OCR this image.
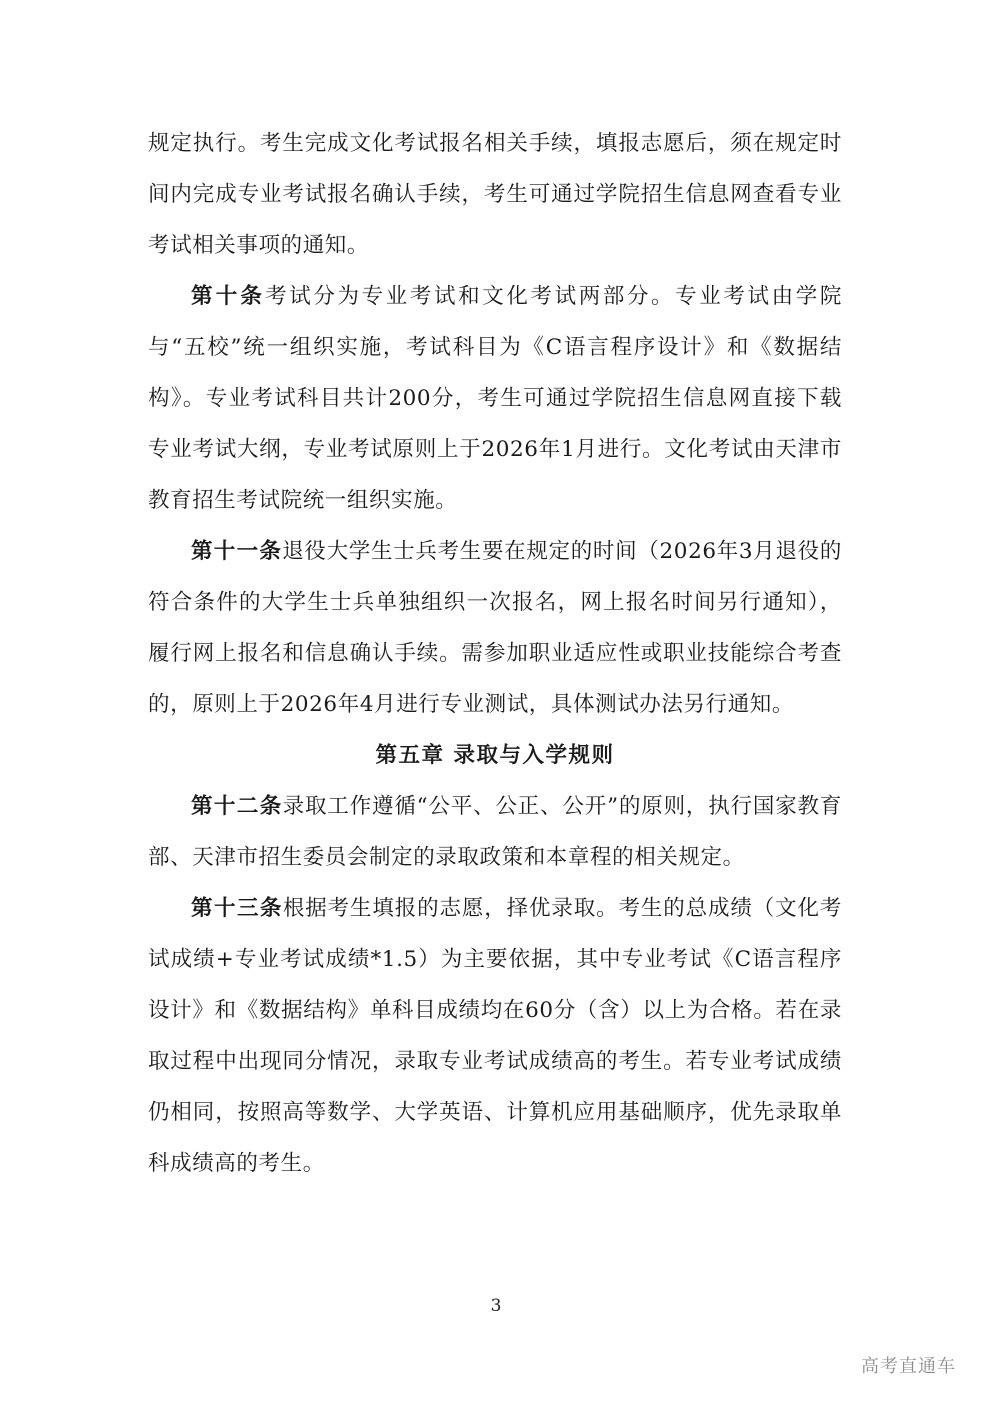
规定执行。考生完成文化考试报名相关手续，填报志愿后，须在规定时间内完成专业考试报名确认手续，考生可通过学院招生信息网查看专业考试相关事项的通知。

第十条考试分为专业考试和文化考试两部分。专业考试由学院与“五校”统一组织实施，考试科目为《C语言程序设计》和《数据结构》。专业考试科目共计200分，考生可通过学院招生信息网直接下载专业考试大纲，专业考试原则上于2026年1月进行。文化考试由天津市教育招生考试院统一组织实施。

第十一条退役大学生士兵考生要在规定的时间（2026年3月退役的符合条件的大学生士兵单独组织一次报名，网上报名时间另行通知），履行网上报名和信息确认手续。需参加职业适应性或职业技能综合考查的，原则上于2026年4月进行专业测试，具体测试办法另行通知。

第五章 录取与入学规则

第十二条录取工作遵循“公平、公正、公开”的原则，执行国家教育部、天津市招生委员会制定的录取政策和本章程的相关规定。

第十三条根据考生填报的志愿，择优录取。考生的总成绩（文化考试成绩+专业考试成绩*1.5）为主要依据，其中专业考试《C语言程序设计》和《数据结构》单科目成绩均在60分（含）以上为合格。若在录取过程中出现同分情况，录取专业考试成绩高的考生。若专业考试成绩仍相同，按照高等数学、大学英语、计算机应用基础顺序，优先录取单科成绩高的考生。

3
高考直通车
